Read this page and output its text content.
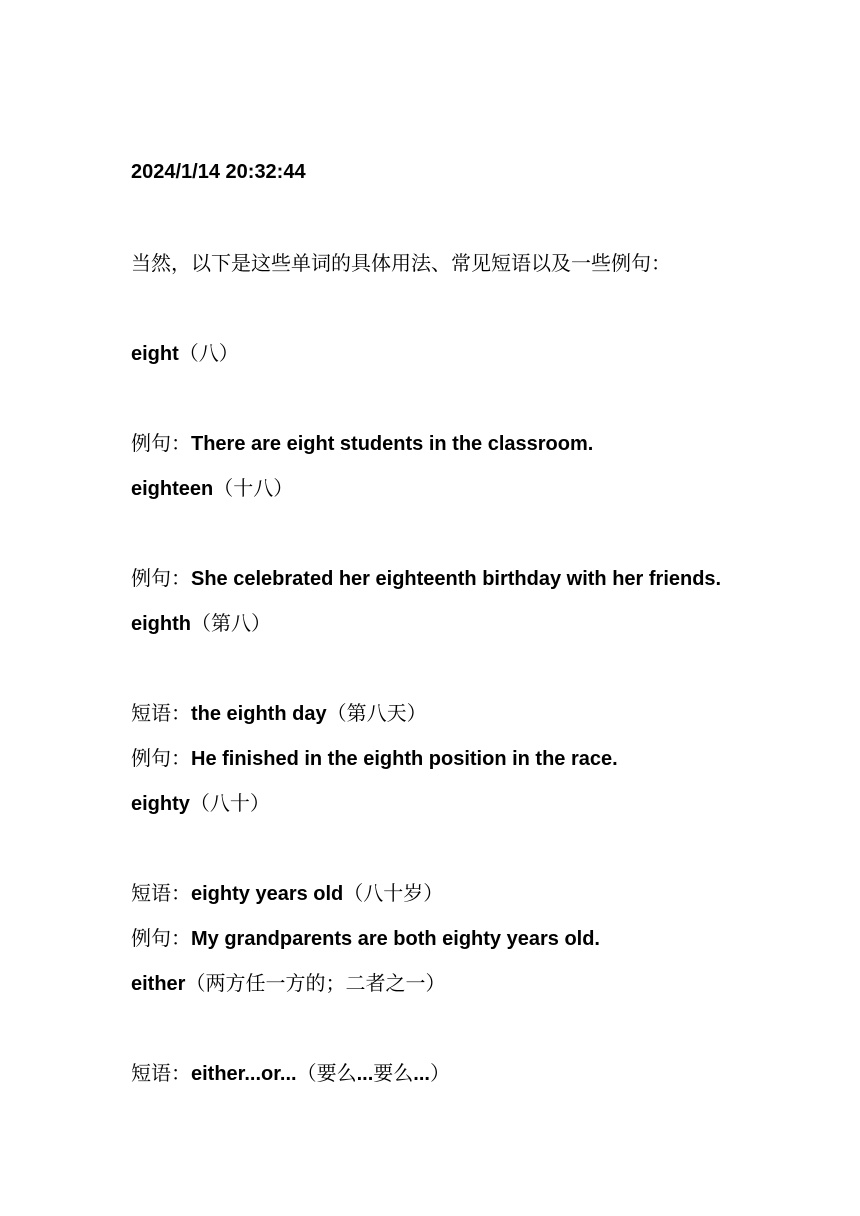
2024/1/14 20:32:44
当然，以下是这些单词的具体用法、常见短语以及一些例句：
eight（八）
例句：There are eight students in the classroom.
eighteen（十八）
例句：She celebrated her eighteenth birthday with her friends.
eighth（第八）
短语：the eighth day（第八天）
例句：He finished in the eighth position in the race.
eighty（八十）
短语：eighty years old（八十岁）
例句：My grandparents are both eighty years old.
either（两方任一方的；二者之一）
短语：either...or...（要么...要么...）
